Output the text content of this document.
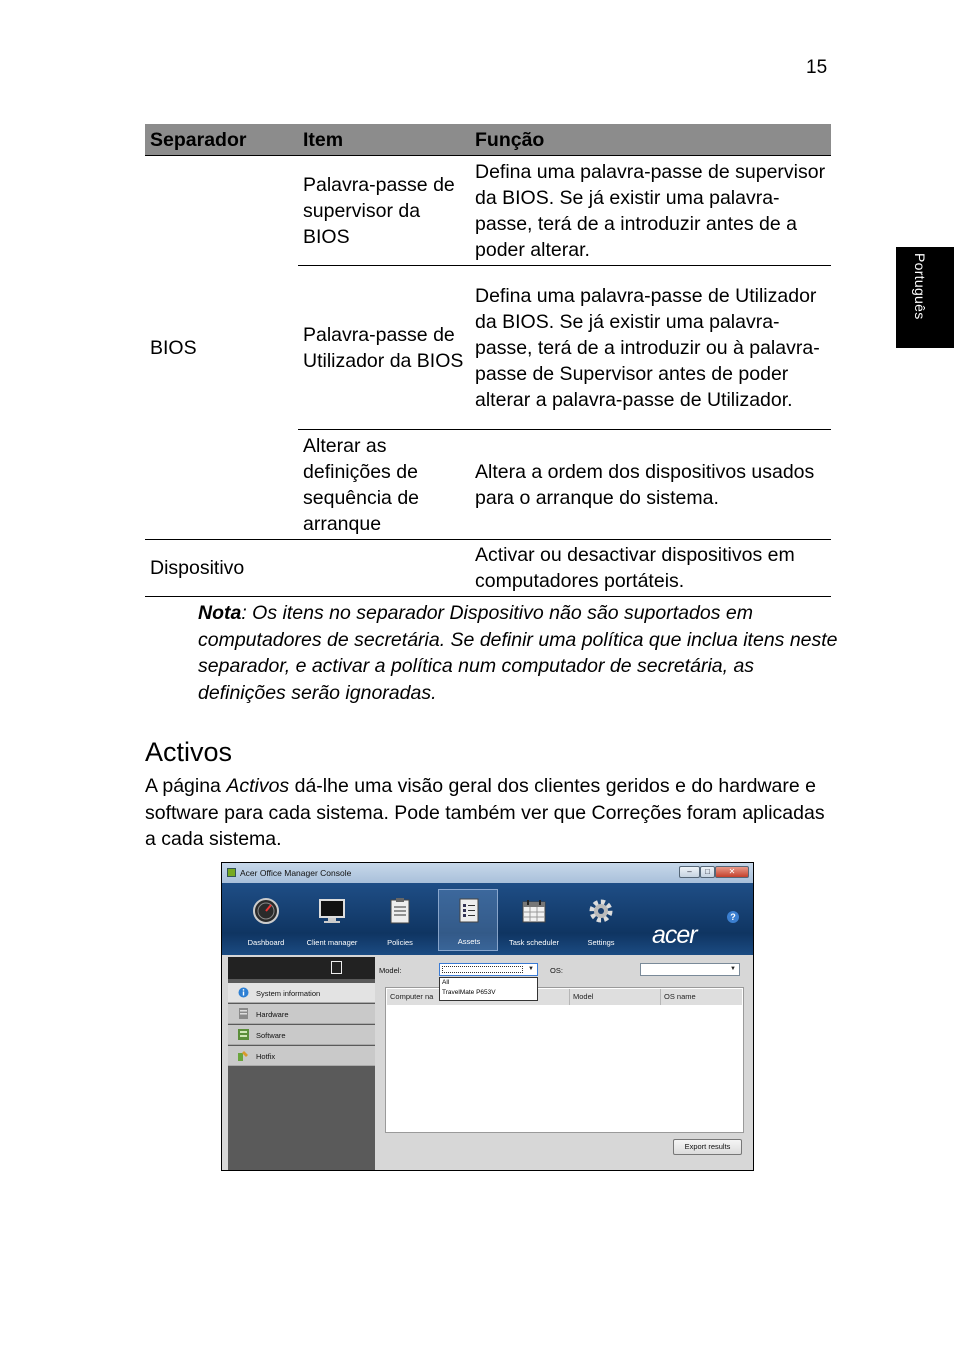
15
Português
Separador	Item	Função
BIOS	Palavra-passe de supervisor da BIOS	Defina uma palavra-passe de supervisor da BIOS. Se já existir uma palavra-passe, terá de a introduzir antes de a poder alterar.
	Palavra-passe de Utilizador da BIOS	Defina uma palavra-passe de Utilizador da BIOS. Se já existir uma palavra-passe, terá de a introduzir ou à palavra-passe de Supervisor antes de poder alterar a palavra-passe de Utilizador.
	Alterar as definições de sequência de arranque	Altera a ordem dos dispositivos usados para o arranque do sistema.
Dispositivo		Activar ou desactivar dispositivos em computadores portáteis.
Nota: Os itens no separador Dispositivo não são suportados em computadores de secretária. Se definir uma política que inclua itens neste separador, e activar a política num computador de secretária, as definições serão ignoradas.
Activos

A página Activos dá-lhe uma visão geral dos clientes geridos e do hardware e software para cada sistema. Pode também ver que Correções foram aplicadas a cada sistema.

Acer Office Manager Console	–	□	✕
Dashboard	Client manager	Policies	Assets	Task scheduler	Settings	acer
?
System information
Hardware
Software
Hotfix
Model:	▼
All
TravelMate P653V
OS:	▼
Computer na	Model	OS name
Export results
